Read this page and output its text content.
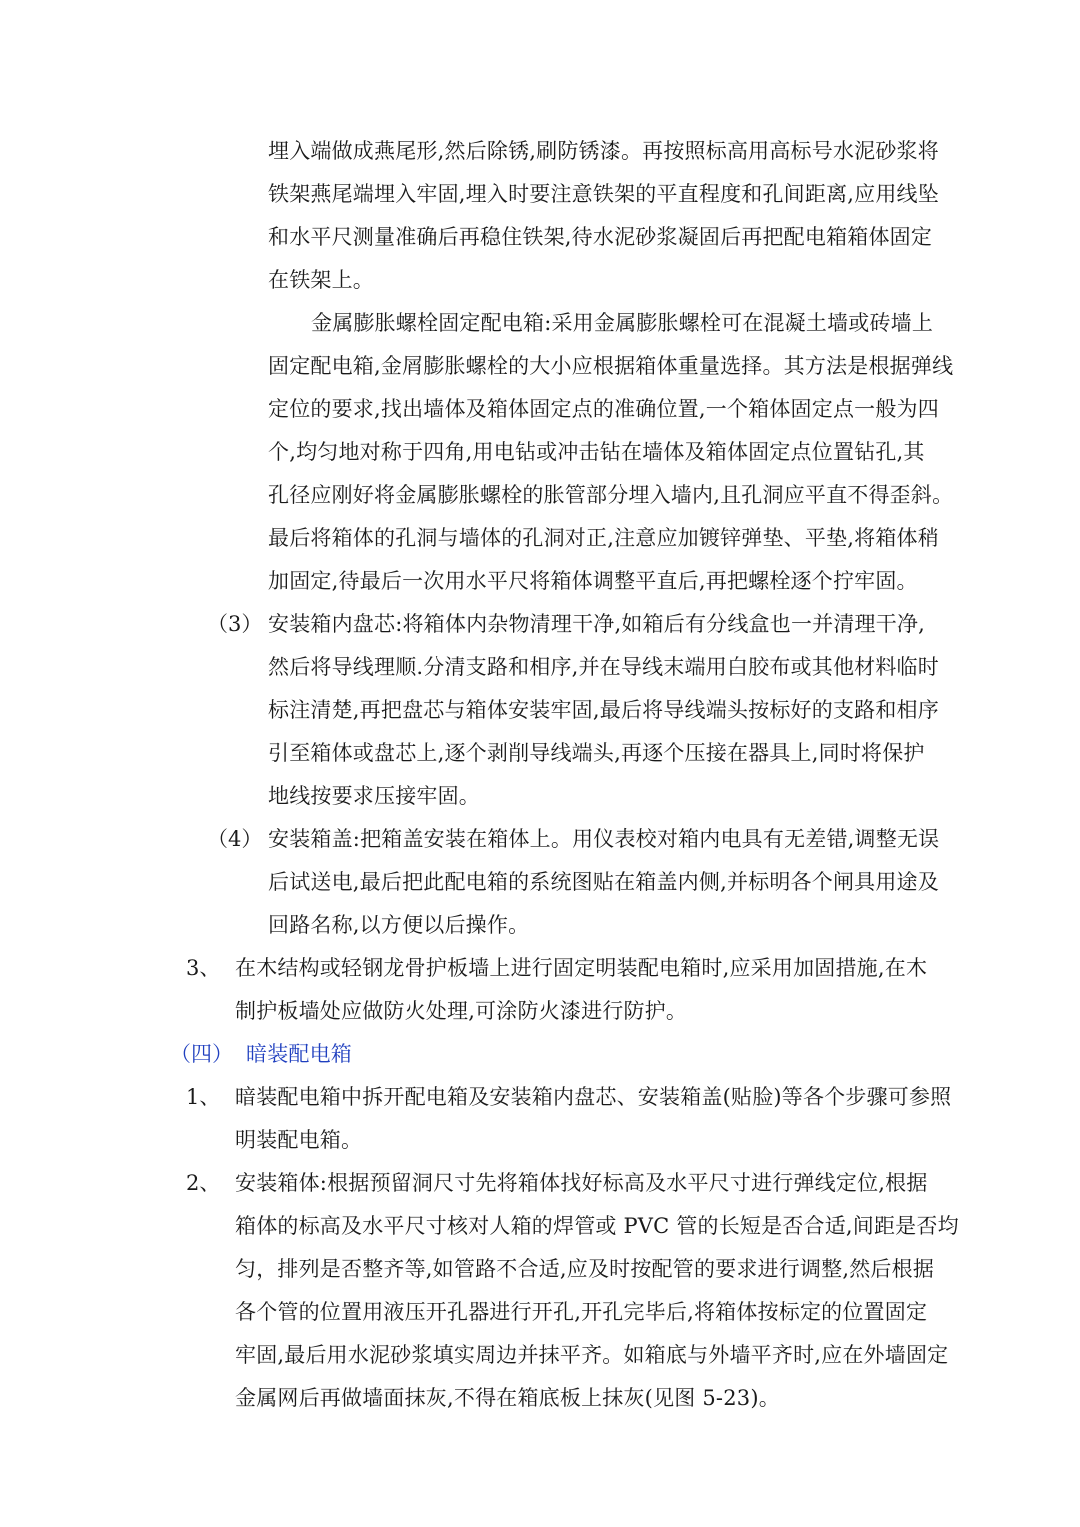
埋入端做成燕尾形,然后除锈,刷防锈漆。再按照标高用高标号水泥砂浆将
铁架燕尾端埋入牢固,埋入时要注意铁架的平直程度和孔间距离,应用线坠
和水平尺测量准确后再稳住铁架,待水泥砂浆凝固后再把配电箱箱体固定
在铁架上。
金属膨胀螺栓固定配电箱:采用金属膨胀螺栓可在混凝土墙或砖墙上
固定配电箱,金屑膨胀螺栓的大小应根据箱体重量选择。其方法是根据弹线
定位的要求,找出墙体及箱体固定点的准确位置,一个箱体固定点一般为四
个,均匀地对称于四角,用电钻或冲击钻在墙体及箱体固定点位置钻孔,其
孔径应刚好将金属膨胀螺栓的胀管部分埋入墙内,且孔洞应平直不得歪斜。
最后将箱体的孔洞与墙体的孔洞对正,注意应加镀锌弹垫、平垫,将箱体稍
加固定,待最后一次用水平尺将箱体调整平直后,再把螺栓逐个拧牢固。
（3） 安装箱内盘芯:将箱体内杂物清理干净,如箱后有分线盒也一并清理干净,
然后将导线理顺.分清支路和相序,并在导线末端用白胶布或其他材料临时
标注清楚,再把盘芯与箱体安装牢固,最后将导线端头按标好的支路和相序
引至箱体或盘芯上,逐个剥削导线端头,再逐个压接在器具上,同时将保护
地线按要求压接牢固。
（4） 安装箱盖:把箱盖安装在箱体上。用仪表校对箱内电具有无差错,调整无误
后试送电,最后把此配电箱的系统图贴在箱盖内侧,并标明各个闸具用途及
回路名称,以方便以后操作。
3、 在木结构或轻钢龙骨护板墙上进行固定明装配电箱时,应采用加固措施,在木
制护板墙处应做防火处理,可涂防火漆进行防护。
（四） 暗装配电箱
1、 暗装配电箱中拆开配电箱及安装箱内盘芯、安装箱盖(贴脸)等各个步骤可参照
明装配电箱。
2、 安装箱体:根据预留洞尺寸先将箱体找好标高及水平尺寸进行弹线定位,根据
箱体的标高及水平尺寸核对人箱的焊管或 PVC 管的长短是否合适,间距是否均
匀，排列是否整齐等,如管路不合适,应及时按配管的要求进行调整,然后根据
各个管的位置用液压开孔器进行开孔,开孔完毕后,将箱体按标定的位置固定
牢固,最后用水泥砂浆填实周边并抹平齐。如箱底与外墙平齐时,应在外墙固定
金属网后再做墙面抹灰,不得在箱底板上抹灰(见图 5-23)。
